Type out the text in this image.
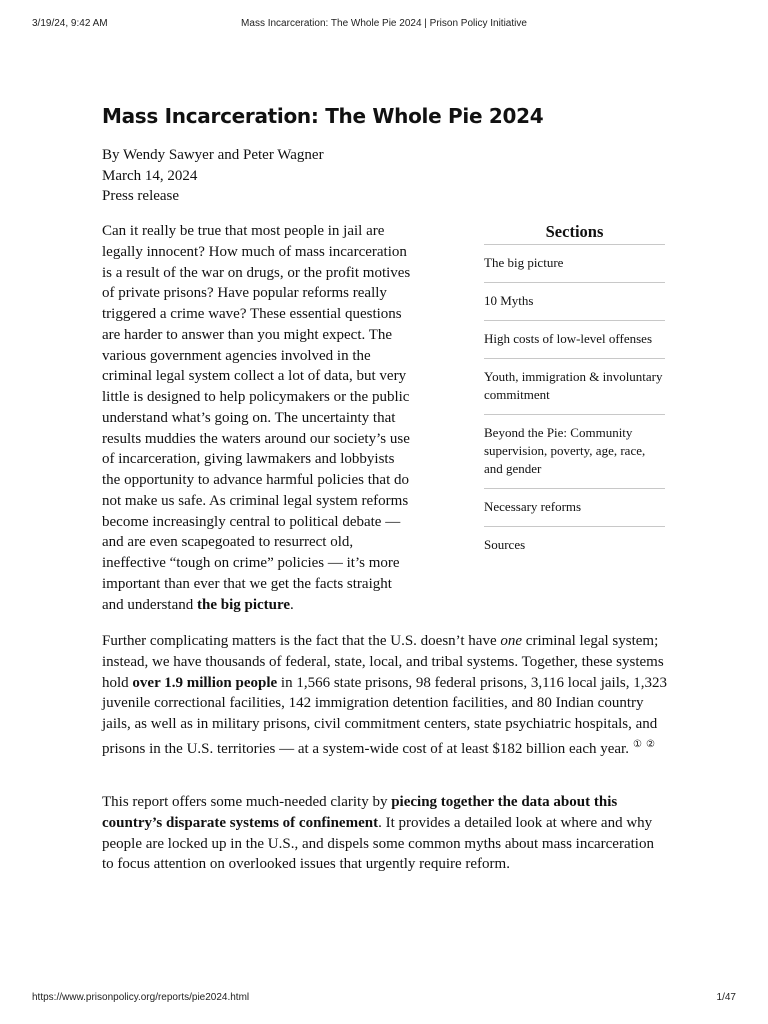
3/19/24, 9:42 AM	Mass Incarceration: The Whole Pie 2024 | Prison Policy Initiative
Mass Incarceration: The Whole Pie 2024
By Wendy Sawyer and Peter Wagner
March 14, 2024
Press release

Can it really be true that most people in jail are legally innocent? How much of mass incarceration is a result of the war on drugs, or the profit motives of private prisons? Have popular reforms really triggered a crime wave? These essential questions are harder to answer than you might expect. The various government agencies involved in the criminal legal system collect a lot of data, but very little is designed to help policymakers or the public understand what’s going on. The uncertainty that results muddies the waters around our society’s use of incarceration, giving lawmakers and lobbyists the opportunity to advance harmful policies that do not make us safe. As criminal legal system reforms become increasingly central to political debate — and are even scapegoated to resurrect old, ineffective “tough on crime” policies — it’s more important than ever that we get the facts straight and understand the big picture.

Sections
The big picture
10 Myths
High costs of low-level offenses
Youth, immigration & involuntary commitment
Beyond the Pie: Community supervision, poverty, age, race, and gender
Necessary reforms
Sources

Further complicating matters is the fact that the U.S. doesn’t have one criminal legal system; instead, we have thousands of federal, state, local, and tribal systems. Together, these systems hold over 1.9 million people in 1,566 state prisons, 98 federal prisons, 3,116 local jails, 1,323 juvenile correctional facilities, 142 immigration detention facilities, and 80 Indian country jails, as well as in military prisons, civil commitment centers, state psychiatric hospitals, and prisons in the U.S. territories — at a system-wide cost of at least $182 billion each year. ① ②

This report offers some much-needed clarity by piecing together the data about this country’s disparate systems of confinement. It provides a detailed look at where and why people are locked up in the U.S., and dispels some common myths about mass incarceration to focus attention on overlooked issues that urgently require reform.

https://www.prisonpolicy.org/reports/pie2024.html	1/47
